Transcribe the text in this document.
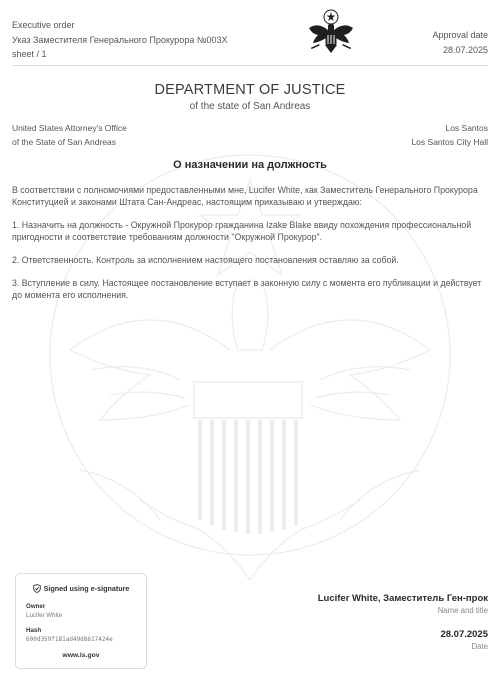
Executive order
Указ Заместителя Генерального Прокурора №003X
sheet / 1
Approval date
28.07.2025
DEPARTMENT OF JUSTICE
of the state of San Andreas
United States Attorney's Office
of the State of San Andreas
Los Santos
Los Santos City Hall
О назначении на должность

В соответствии с полномочиями предоставленными мне, Lucifer White, как Заместитель Генерального Прокурора Конституцией и законами Штата Сан-Андреас, настоящим приказываю и утверждаю:

1. Назначить на должность - Окружной Прокурор гражданина Izake Blake ввиду похождения профессиональной пригодности и соответствие требованиям должности "Окружной Прокурор".

2. Ответственность. Контроль за исполнением настоящего постановления оставляю за собой.

3. Вступление в силу. Настоящее постановление вступает в законную силу с момента его публикации и действует до момента его исполнения.

Signed using e-signature
Owner
Lucifer White
Hash
600d359f181ad49d8617424e
www.ls.gov
Lucifer White, Заместитель Ген-прок
Name and title
28.07.2025
Date
